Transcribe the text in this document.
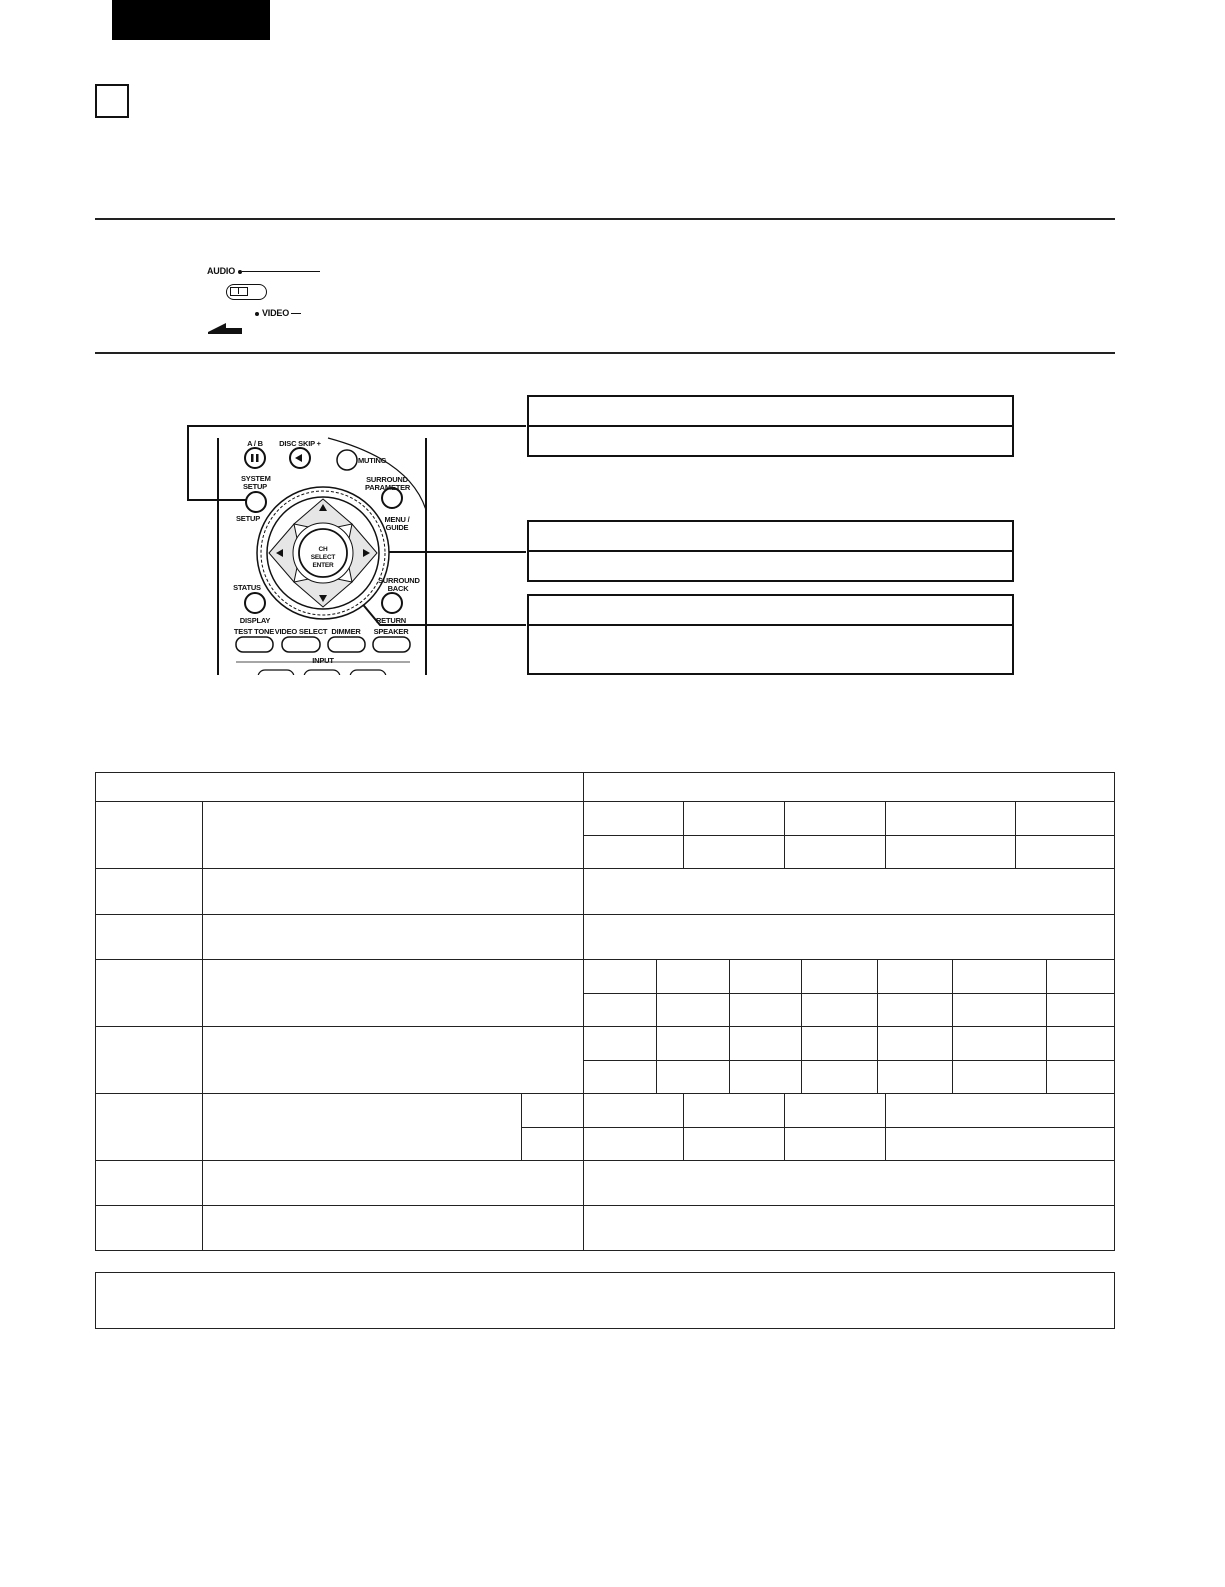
AUDIO
VIDEO
A / B DISC SKIP +
MUTING
SYSTEM SETUP
SETUP
SURROUND PARAMETER
MENU / GUIDE
CH SELECT ENTER
STATUS
DISPLAY
SURROUND BACK
RETURN
TEST TONE VIDEO SELECT DIMMER SPEAKER
INPUT
